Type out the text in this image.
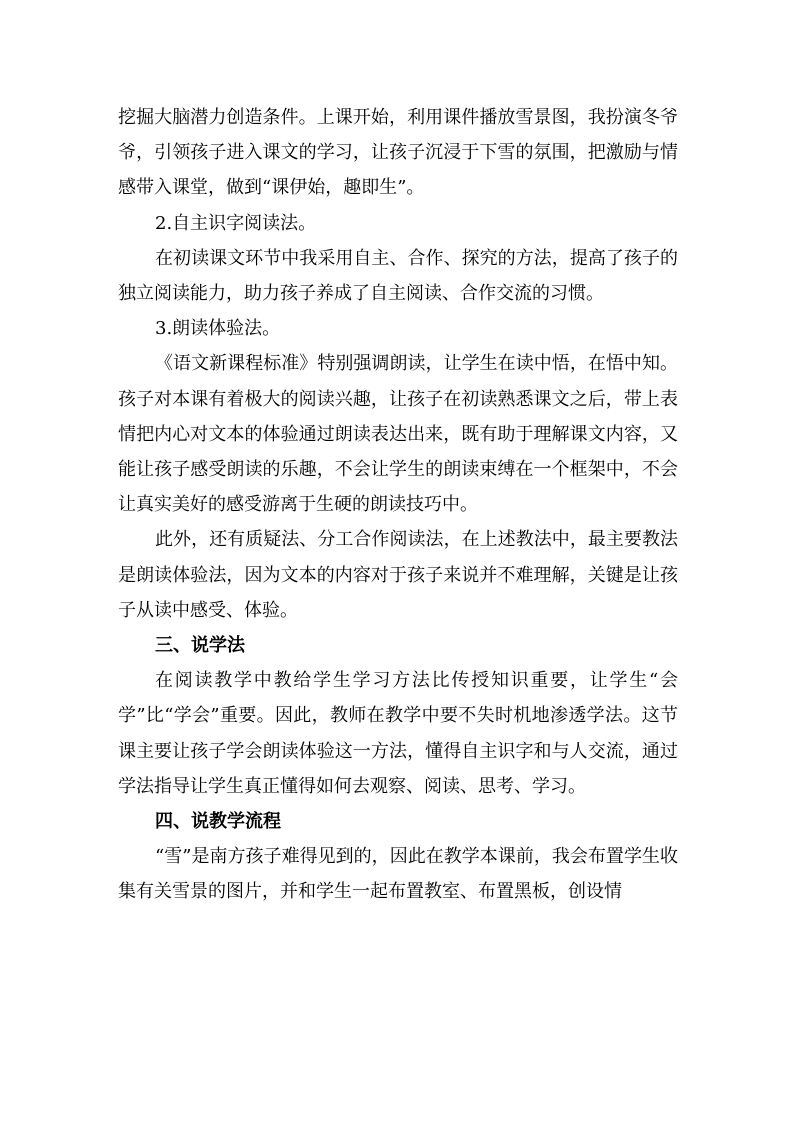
挖掘大脑潜力创造条件。上课开始，利用课件播放雪景图，我扮演冬爷爷，引领孩子进入课文的学习，让孩子沉浸于下雪的氛围，把激励与情感带入课堂，做到“课伊始，趣即生”。

2.自主识字阅读法。

在初读课文环节中我采用自主、合作、探究的方法，提高了孩子的独立阅读能力，助力孩子养成了自主阅读、合作交流的习惯。

3.朗读体验法。

《语文新课程标准》特别强调朗读，让学生在读中悟，在悟中知。孩子对本课有着极大的阅读兴趣，让孩子在初读熟悉课文之后，带上表情把内心对文本的体验通过朗读表达出来，既有助于理解课文内容，又能让孩子感受朗读的乐趣，不会让学生的朗读束缚在一个框架中，不会让真实美好的感受游离于生硬的朗读技巧中。

此外，还有质疑法、分工合作阅读法，在上述教法中，最主要教法是朗读体验法，因为文本的内容对于孩子来说并不难理解，关键是让孩子从读中感受、体验。

三、说学法

在阅读教学中教给学生学习方法比传授知识重要，让学生“会学”比“学会”重要。因此，教师在教学中要不失时机地渗透学法。这节课主要让孩子学会朗读体验这一方法，懂得自主识字和与人交流，通过学法指导让学生真正懂得如何去观察、阅读、思考、学习。

四、说教学流程

“雪”是南方孩子难得见到的，因此在教学本课前，我会布置学生收集有关雪景的图片，并和学生一起布置教室、布置黑板，创设情
